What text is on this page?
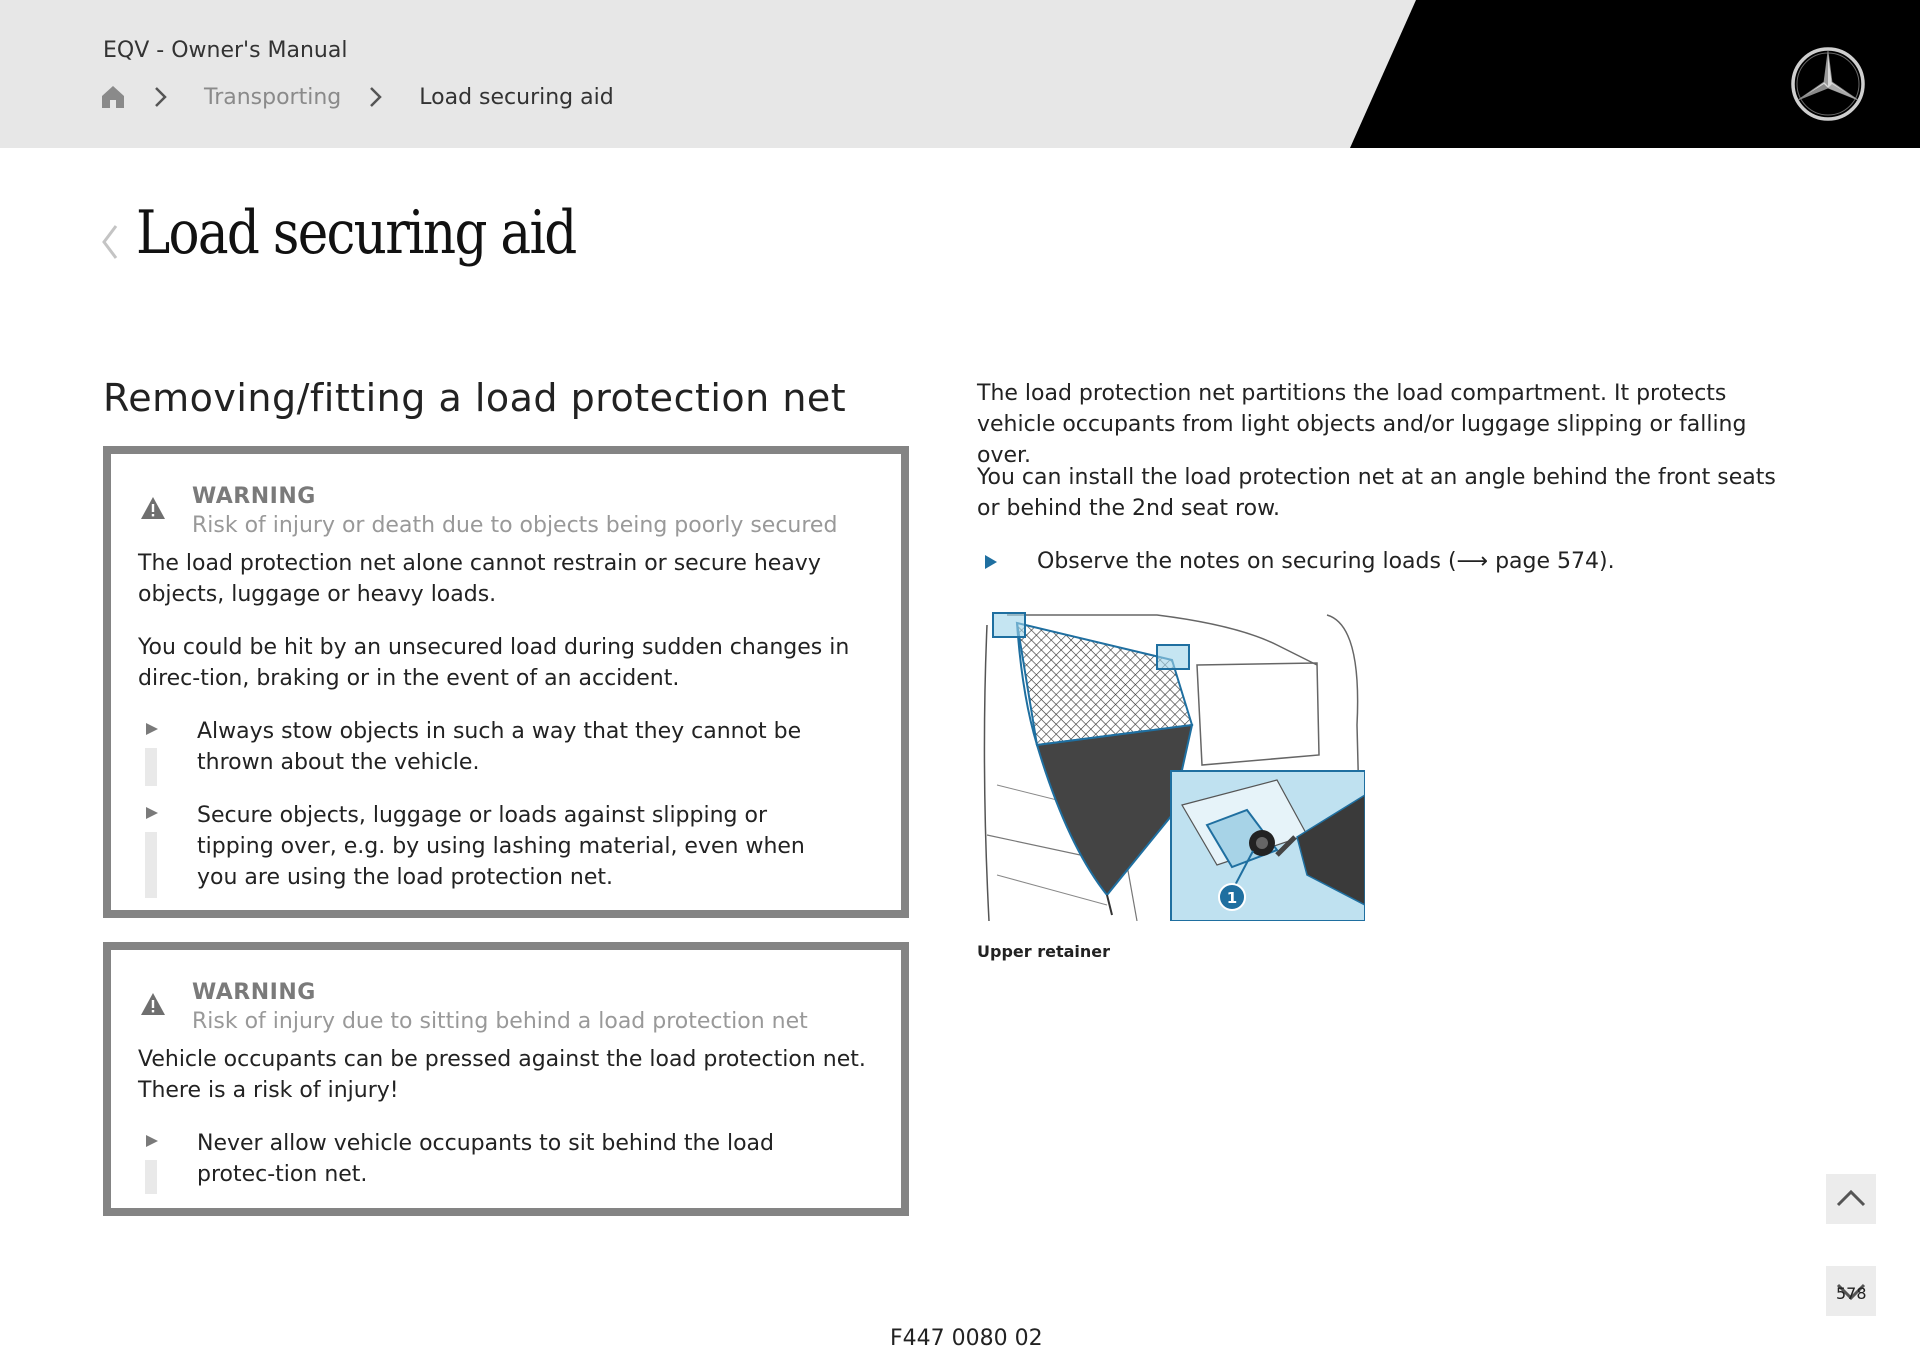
EQV - Owner's Manual
Transporting	Load securing aid
Load securing aid
Removing/fitting a load protection net
WARNING
Risk of injury or death due to objects being poorly secured
The load protection net alone cannot restrain or secure heavy objects, luggage or heavy loads.
You could be hit by an unsecured load during sudden changes in direc-tion, braking or in the event of an accident.
Always stow objects in such a way that they cannot be thrown about the vehicle.
Secure objects, luggage or loads against slipping or tipping over, e.g. by using lashing material, even when you are using the load protection net.
WARNING
Risk of injury due to sitting behind a load protection net
Vehicle occupants can be pressed against the load protection net. There is a risk of injury!
Never allow vehicle occupants to sit behind the load protec-tion net.
The load protection net partitions the load compartment. It protects vehicle occupants from light objects and/or luggage slipping or falling over.
You can install the load protection net at an angle behind the front seats or behind the 2nd seat row.
Observe the notes on securing loads (⟶ page 574).
1
Upper retainer
F447 0080 02
578
